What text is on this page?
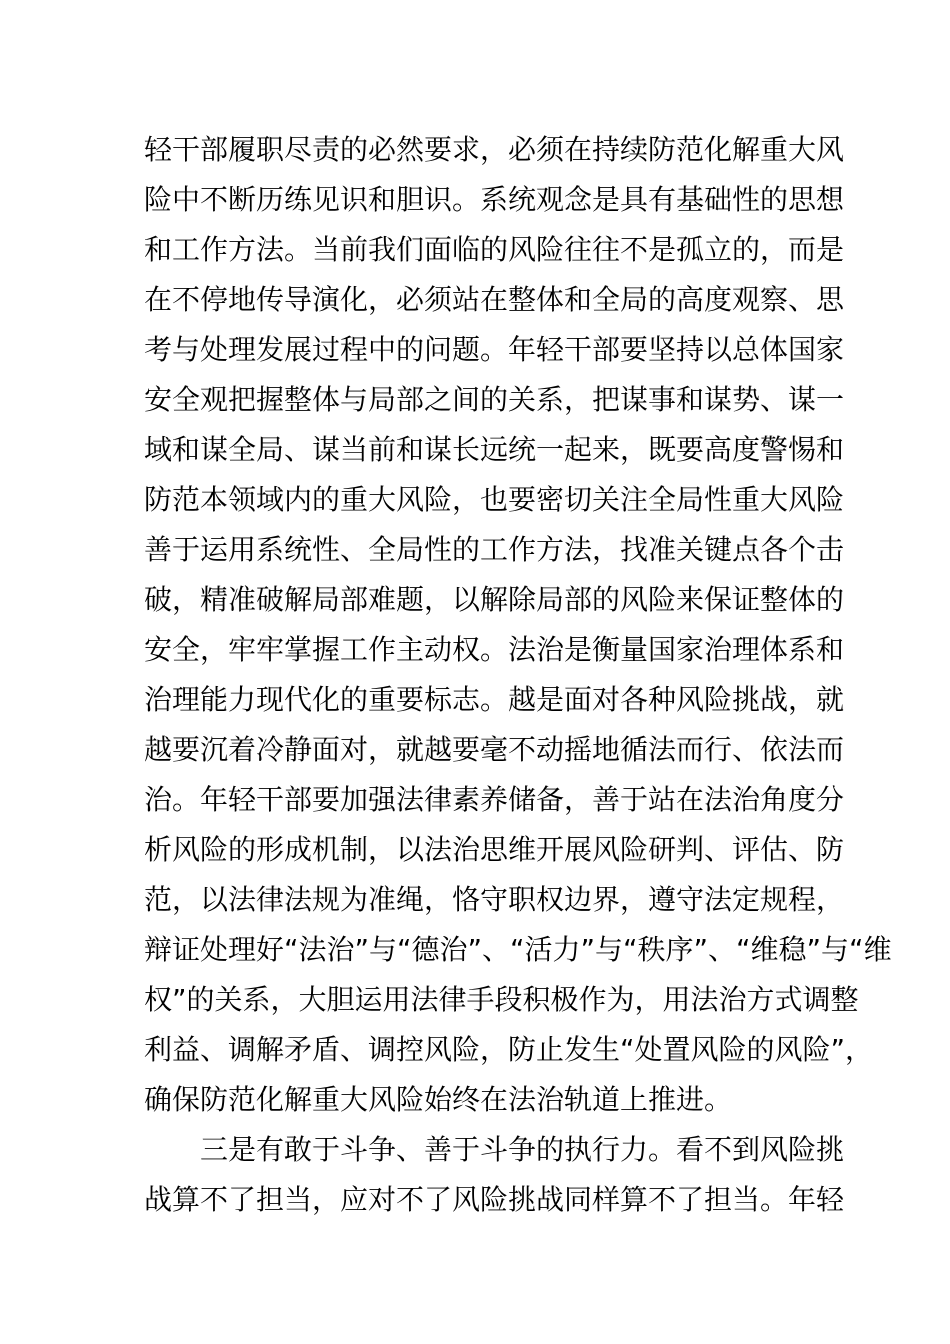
轻干部履职尽责的必然要求，必须在持续防范化解重大风
险中不断历练见识和胆识。系统观念是具有基础性的思想
和工作方法。当前我们面临的风险往往不是孤立的，而是
在不停地传导演化，必须站在整体和全局的高度观察、思
考与处理发展过程中的问题。年轻干部要坚持以总体国家
安全观把握整体与局部之间的关系，把谋事和谋势、谋一
域和谋全局、谋当前和谋长远统一起来，既要高度警惕和
防范本领域内的重大风险，也要密切关注全局性重大风险
善于运用系统性、全局性的工作方法，找准关键点各个击
破，精准破解局部难题，以解除局部的风险来保证整体的
安全，牢牢掌握工作主动权。法治是衡量国家治理体系和
治理能力现代化的重要标志。越是面对各种风险挑战，就
越要沉着冷静面对，就越要毫不动摇地循法而行、依法而
治。年轻干部要加强法律素养储备，善于站在法治角度分
析风险的形成机制，以法治思维开展风险研判、评估、防
范，以法律法规为准绳，恪守职权边界，遵守法定规程，
辩证处理好“法治”与“德治”、“活力”与“秩序”、“维稳”与“维
权”的关系，大胆运用法律手段积极作为，用法治方式调整
利益、调解矛盾、调控风险，防止发生“处置风险的风险”，
确保防范化解重大风险始终在法治轨道上推进。
　　三是有敢于斗争、善于斗争的执行力。看不到风险挑
战算不了担当，应对不了风险挑战同样算不了担当。年轻
